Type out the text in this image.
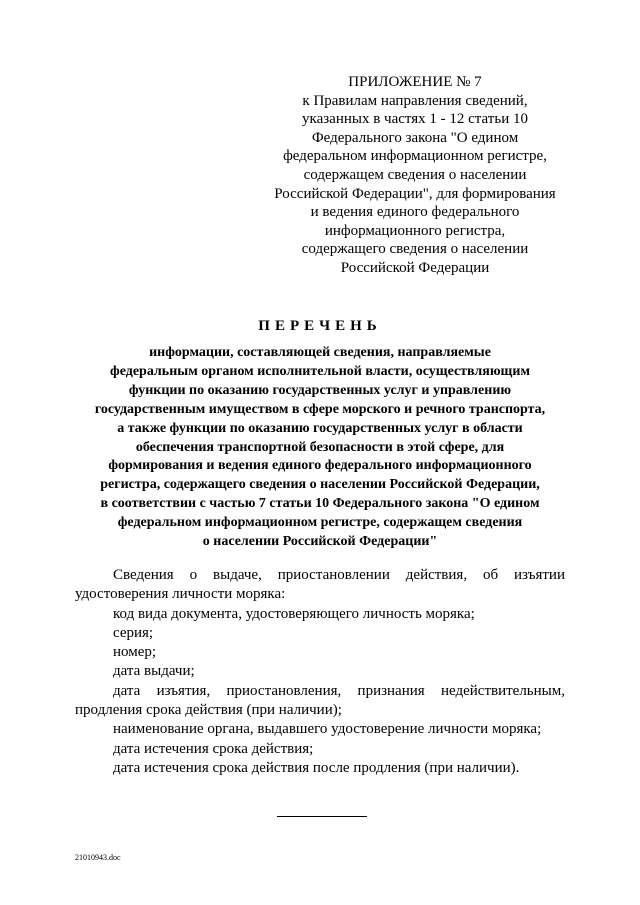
ПРИЛОЖЕНИЕ № 7
к Правилам направления сведений,
указанных в частях 1 - 12 статьи 10
Федерального закона "О едином
федеральном информационном регистре,
содержащем сведения о населении
Российской Федерации", для формирования
и ведения единого федерального
информационного регистра,
содержащего сведения о населении
Российской Федерации
ПЕРЕЧЕНЬ
информации, составляющей сведения, направляемые
федеральным органом исполнительной власти, осуществляющим
функции по оказанию государственных услуг и управлению
государственным имуществом в сфере морского и речного транспорта,
а также функции по оказанию государственных услуг в области
обеспечения транспортной безопасности в этой сфере, для
формирования и ведения единого федерального информационного
регистра, содержащего сведения о населении Российской Федерации,
в соответствии с частью 7 статьи 10 Федерального закона "О едином
федеральном информационном регистре, содержащем сведения
о населении Российской Федерации"
Сведения о выдаче, приостановлении действия, об изъятии
удостоверения личности моряка:
код вида документа, удостоверяющего личность моряка;
серия;
номер;
дата выдачи;
дата изъятия, приостановления, признания недействительным,
продления срока действия (при наличии);
наименование органа, выдавшего удостоверение личности моряка;
дата истечения срока действия;
дата истечения срока действия после продления (при наличии).
21010943.doc
